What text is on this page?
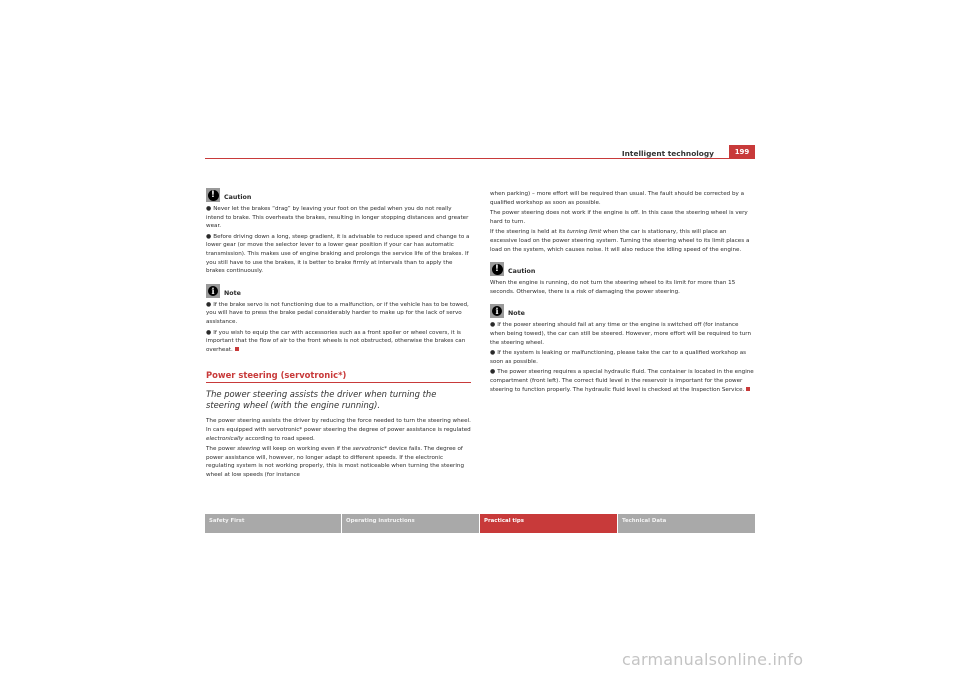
Intelligent technology	199
!
Caution

● Never let the brakes “drag” by leaving your foot on the pedal when you do not really intend to brake. This overheats the brakes, resulting in longer stopping distances and greater wear.

● Before driving down a long, steep gradient, it is advisable to reduce speed and change to a lower gear (or move the selector lever to a lower gear position if your car has automatic transmission). This makes use of engine braking and prolongs the service life of the brakes. If you still have to use the brakes, it is better to brake firmly at intervals than to apply the brakes continuously.

i
Note

● If the brake servo is not functioning due to a malfunction, or if the vehicle has to be towed, you will have to press the brake pedal considerably harder to make up for the lack of servo assistance.

● If you wish to equip the car with accessories such as a front spoiler or wheel covers, it is important that the flow of air to the front wheels is not obstructed, otherwise the brakes can overheat.

Power steering (servotronic*)
The power steering assists the driver when turning the steering wheel (with the engine running).

The power steering assists the driver by reducing the force needed to turn the steering wheel. In cars equipped with servotronic* power steering the degree of power assistance is regulated electronically according to road speed.

The power steering will keep on working even if the servotronic* device fails. The degree of power assistance will, however, no longer adapt to different speeds. If the electronic regulating system is not working properly, this is most noticeable when turning the steering wheel at low speeds (for instance

when parking) – more effort will be required than usual. The fault should be corrected by a qualified workshop as soon as possible.

The power steering does not work if the engine is off. In this case the steering wheel is very hard to turn.

If the steering is held at its turning limit when the car is stationary, this will place an excessive load on the power steering system. Turning the steering wheel to its limit places a load on the system, which causes noise. It will also reduce the idling speed of the engine.

!
Caution

When the engine is running, do not turn the steering wheel to its limit for more than 15 seconds. Otherwise, there is a risk of damaging the power steering.

i
Note

● If the power steering should fail at any time or the engine is switched off (for instance when being towed), the car can still be steered. However, more effort will be required to turn the steering wheel.

● If the system is leaking or malfunctioning, please take the car to a qualified workshop as soon as possible.

● The power steering requires a special hydraulic fluid. The container is located in the engine compartment (front left). The correct fluid level in the reservoir is important for the power steering to function properly. The hydraulic fluid level is checked at the Inspection Service.

Safety First	Operating instructions	Practical tips	Technical Data
carmanualsonline.info
